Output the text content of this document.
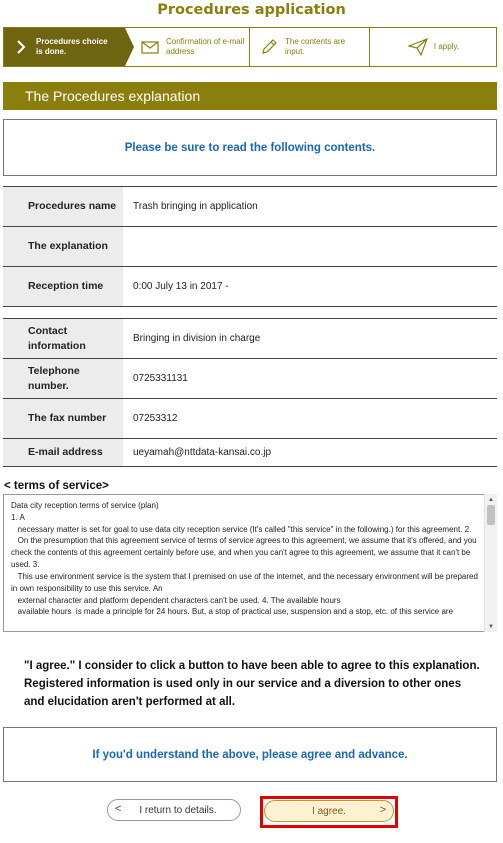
Procedures application
Procedures choice is done.
Confirmation of e-mail address
The contents are input.
I apply.
The Procedures explanation
Please be sure to read the following contents.
Procedures name	Trash bringing in application
The explanation	
Reception time	0:00 July 13 in 2017 -
Contact information	Bringing in division in charge
Telephone number.	0725331131
The fax number	07253312
E-mail address	ueyamah@nttdata-kansai.co.jp
< terms of service>

Data city reception terms of service (plan)
1. A
necessary matter is set for goal to use data city reception service (It's called "this service" in the following.) for this agreement. 2.
On the presumption that this agreement service of terms of service agrees to this agreement, we assume that it's offered, and you check the contents of this agreement certainly before use, and when you can't agree to this agreement, we assume that it can't be used. 3.
This use environment service is the system that I premised on use of the internet, and the necessary environment will be prepared in own responsibility to use this service. An
external character and platform dependent characters can't be used. 4. The available hours
available hours  is made a principle for 24 hours. But, a stop of practical use, suspension and a stop, etc. of this service are

▲
▼
"I agree." I consider to click a button to have been able to agree to this explanation. Registered information is used only in our service and a diversion to other ones and elucidation aren't performed at all.
If you'd understand the above, please agree and advance.
<	I return to details.	I agree.	>
